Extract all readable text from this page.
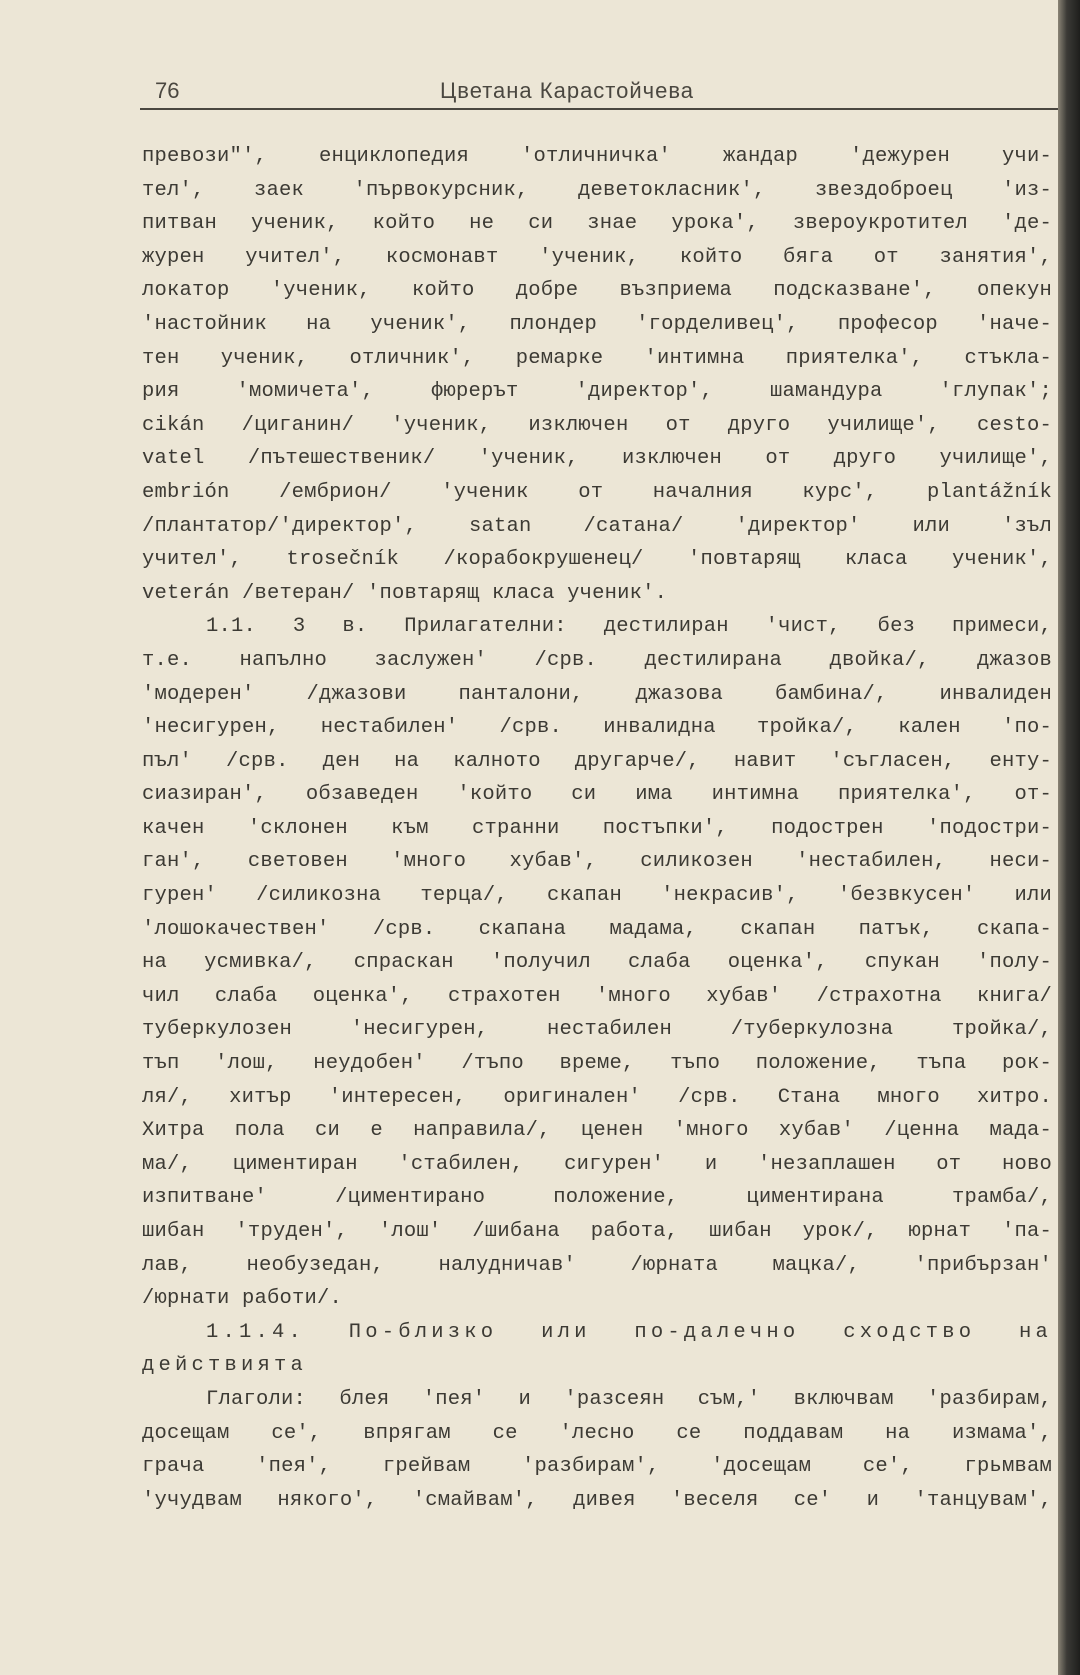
76	Цветана Карастойчева
превози"', енциклопедия 'отличничка' жандар 'дежурен учи-
тел', заек 'първокурсник, деветокласник', звездоброец 'из-
питван ученик, който не си знае урока', звероукротител 'де-
журен учител', космонавт 'ученик, който бяга от занятия',
локатор 'ученик, който добре възприема подсказване', опекун
'настойник на ученик', плондер 'горделивец', професор 'наче-
тен ученик, отличник', ремарке 'интимна приятелка', стъкла-
рия 'момичета', фюрерът 'директор', шамандура 'глупак';
cikán /циганин/ 'ученик, изключен от друго училище', cesto-
vatel /пътешественик/ 'ученик, изключен от друго училище',
embrión /ембрион/ 'ученик от началния курс', plantážník
/плантатор/'директор', satan /сатана/ 'директор' или 'зъл
учител', trosečník /корабокрушенец/ 'повтарящ класа ученик',
veterán /ветеран/ 'повтарящ класа ученик'.
1.1. 3 в. Прилагателни: дестилиран 'чист, без примеси,
т.е. напълно заслужен' /срв. дестилирана двойка/, джазов
'модерен' /джазови панталони, джазова бамбина/, инвалиден
'несигурен, нестабилен' /срв. инвалидна тройка/, кален 'по-
пъл' /срв. ден на калното другарче/, навит 'съгласен, енту-
сиазиран', обзаведен 'който си има интимна приятелка', от-
качен 'склонен към странни постъпки', подострен 'подостри-
ган', световен 'много хубав', силикозен 'нестабилен, неси-
гурен' /силикозна терца/, скапан 'некрасив', 'безвкусен' или
'лошокачествен' /срв. скапана мадама, скапан патък, скапа-
на усмивка/, спраскан 'получил слаба оценка', спукан 'полу-
чил слаба оценка', страхотен 'много хубав' /страхотна книга/
туберкулозен 'несигурен, нестабилен /туберкулозна тройка/,
тъп 'лош, неудобен' /тъпо време, тъпо положение, тъпа рок-
ля/, хитър 'интересен, оригинален' /срв. Стана много хитро.
Хитра пола си е направила/, ценен 'много хубав' /ценна мада-
ма/, циментиран 'стабилен, сигурен' и 'незаплашен от ново
изпитване' /циментирано положение, циментирана трамба/,
шибан 'труден', 'лош' /шибана работа, шибан урок/, юрнат 'па-
лав, необузедан, налудничав' /юрната мацка/, 'прибързан'
/юрнати работи/.
1.1.4. По-близко или по-далечно сходство на
действията
Глаголи: блея 'пея' и 'разсеян съм,' включвам 'разбирам,
досещам се', впрягам се 'лесно се поддавам на измама',
грача 'пея', грейвам 'разбирам', 'досещам се', грьмвам
'учудвам някого', 'смайвам', дивея 'веселя се' и 'танцувам',
